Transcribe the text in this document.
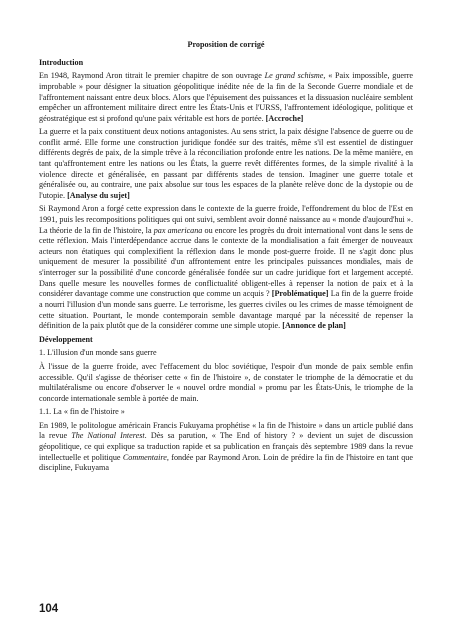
Proposition de corrigé
Introduction

En 1948, Raymond Aron titrait le premier chapitre de son ouvrage Le grand schisme, « Paix impossible, guerre improbable » pour désigner la situation géopolitique inédite née de la fin de la Seconde Guerre mondiale et de l'affrontement naissant entre deux blocs. Alors que l'épuisement des puissances et la dissuasion nucléaire semblent empêcher un affrontement militaire direct entre les États-Unis et l'URSS, l'affrontement idéologique, politique et géostratégique est si profond qu'une paix véritable est hors de portée. [Accroche]

La guerre et la paix constituent deux notions antagonistes. Au sens strict, la paix désigne l'absence de guerre ou de conflit armé. Elle forme une construction juridique fondée sur des traités, même s'il est essentiel de distinguer différents degrés de paix, de la simple trêve à la réconciliation profonde entre les nations. De la même manière, en tant qu'affrontement entre les nations ou les États, la guerre revêt différentes formes, de la simple rivalité à la violence directe et généralisée, en passant par différents stades de tension. Imaginer une guerre totale et généralisée ou, au contraire, une paix absolue sur tous les espaces de la planète relève donc de la dystopie ou de l'utopie. [Analyse du sujet]

Si Raymond Aron a forgé cette expression dans le contexte de la guerre froide, l'effondrement du bloc de l'Est en 1991, puis les recompositions politiques qui ont suivi, semblent avoir donné naissance au « monde d'aujourd'hui ». La théorie de la fin de l'histoire, la pax americana ou encore les progrès du droit international vont dans le sens de cette réflexion. Mais l'interdépendance accrue dans le contexte de la mondialisation a fait émerger de nouveaux acteurs non étatiques qui complexifient la réflexion dans le monde post-guerre froide. Il ne s'agit donc plus uniquement de mesurer la possibilité d'un affrontement entre les principales puissances mondiales, mais de s'interroger sur la possibilité d'une concorde généralisée fondée sur un cadre juridique fort et largement accepté. Dans quelle mesure les nouvelles formes de conflictualité obligent-elles à repenser la notion de paix et à la considérer davantage comme une construction que comme un acquis ? [Problématique] La fin de la guerre froide a nourri l'illusion d'un monde sans guerre. Le terrorisme, les guerres civiles ou les crimes de masse témoignent de cette situation. Pourtant, le monde contemporain semble davantage marqué par la nécessité de repenser la définition de la paix plutôt que de la considérer comme une simple utopie. [Annonce de plan]

Développement
1. L'illusion d'un monde sans guerre

À l'issue de la guerre froide, avec l'effacement du bloc soviétique, l'espoir d'un monde de paix semble enfin accessible. Qu'il s'agisse de théoriser cette « fin de l'histoire », de constater le triomphe de la démocratie et du multilatéralisme ou encore d'observer le « nouvel ordre mondial » promu par les États-Unis, le triomphe de la concorde internationale semble à portée de main.

1.1. La « fin de l'histoire »

En 1989, le politologue américain Francis Fukuyama prophétise « la fin de l'histoire » dans un article publié dans la revue The National Interest. Dès sa parution, « The End of history ? » devient un sujet de discussion géopolitique, ce qui explique sa traduction rapide et sa publication en français dès septembre 1989 dans la revue intellectuelle et politique Commentaire, fondée par Raymond Aron. Loin de prédire la fin de l'histoire en tant que discipline, Fukuyama

104
